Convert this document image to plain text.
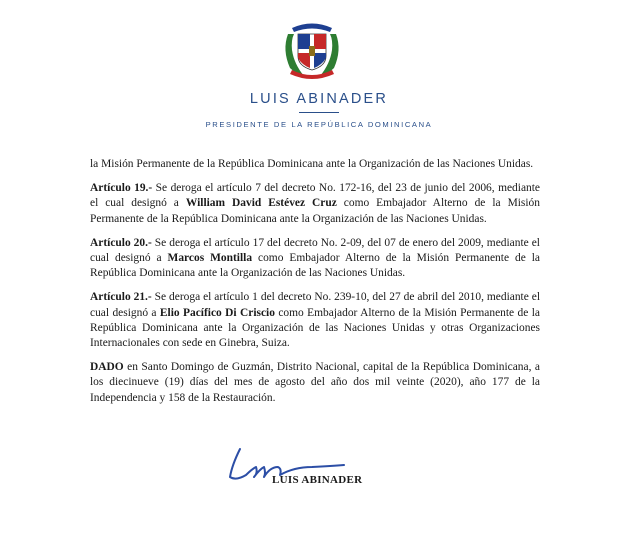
LUIS ABINADER
PRESIDENTE DE LA REPÚBLICA DOMINICANA

la Misión Permanente de la República Dominicana ante la Organización de las Naciones Unidas.

Artículo 19.- Se deroga el artículo 7 del decreto No. 172-16, del 23 de junio del 2006, mediante el cual designó a William David Estévez Cruz como Embajador Alterno de la Misión Permanente de la República Dominicana ante la Organización de las Naciones Unidas.

Artículo 20.- Se deroga el artículo 17 del decreto No. 2-09, del 07 de enero del 2009, mediante el cual designó a Marcos Montilla como Embajador Alterno de la Misión Permanente de la República Dominicana ante la Organización de las Naciones Unidas.

Artículo 21.- Se deroga el artículo 1 del decreto No. 239-10, del 27 de abril del 2010, mediante el cual designó a Elio Pacífico Di Criscio como Embajador Alterno de la Misión Permanente de la República Dominicana ante la Organización de las Naciones Unidas y otras Organizaciones Internacionales con sede en Ginebra, Suiza.

DADO en Santo Domingo de Guzmán, Distrito Nacional, capital de la República Dominicana, a los diecinueve (19) días del mes de agosto del año dos mil veinte (2020), año 177 de la Independencia y 158 de la Restauración.

LUIS ABINADER
